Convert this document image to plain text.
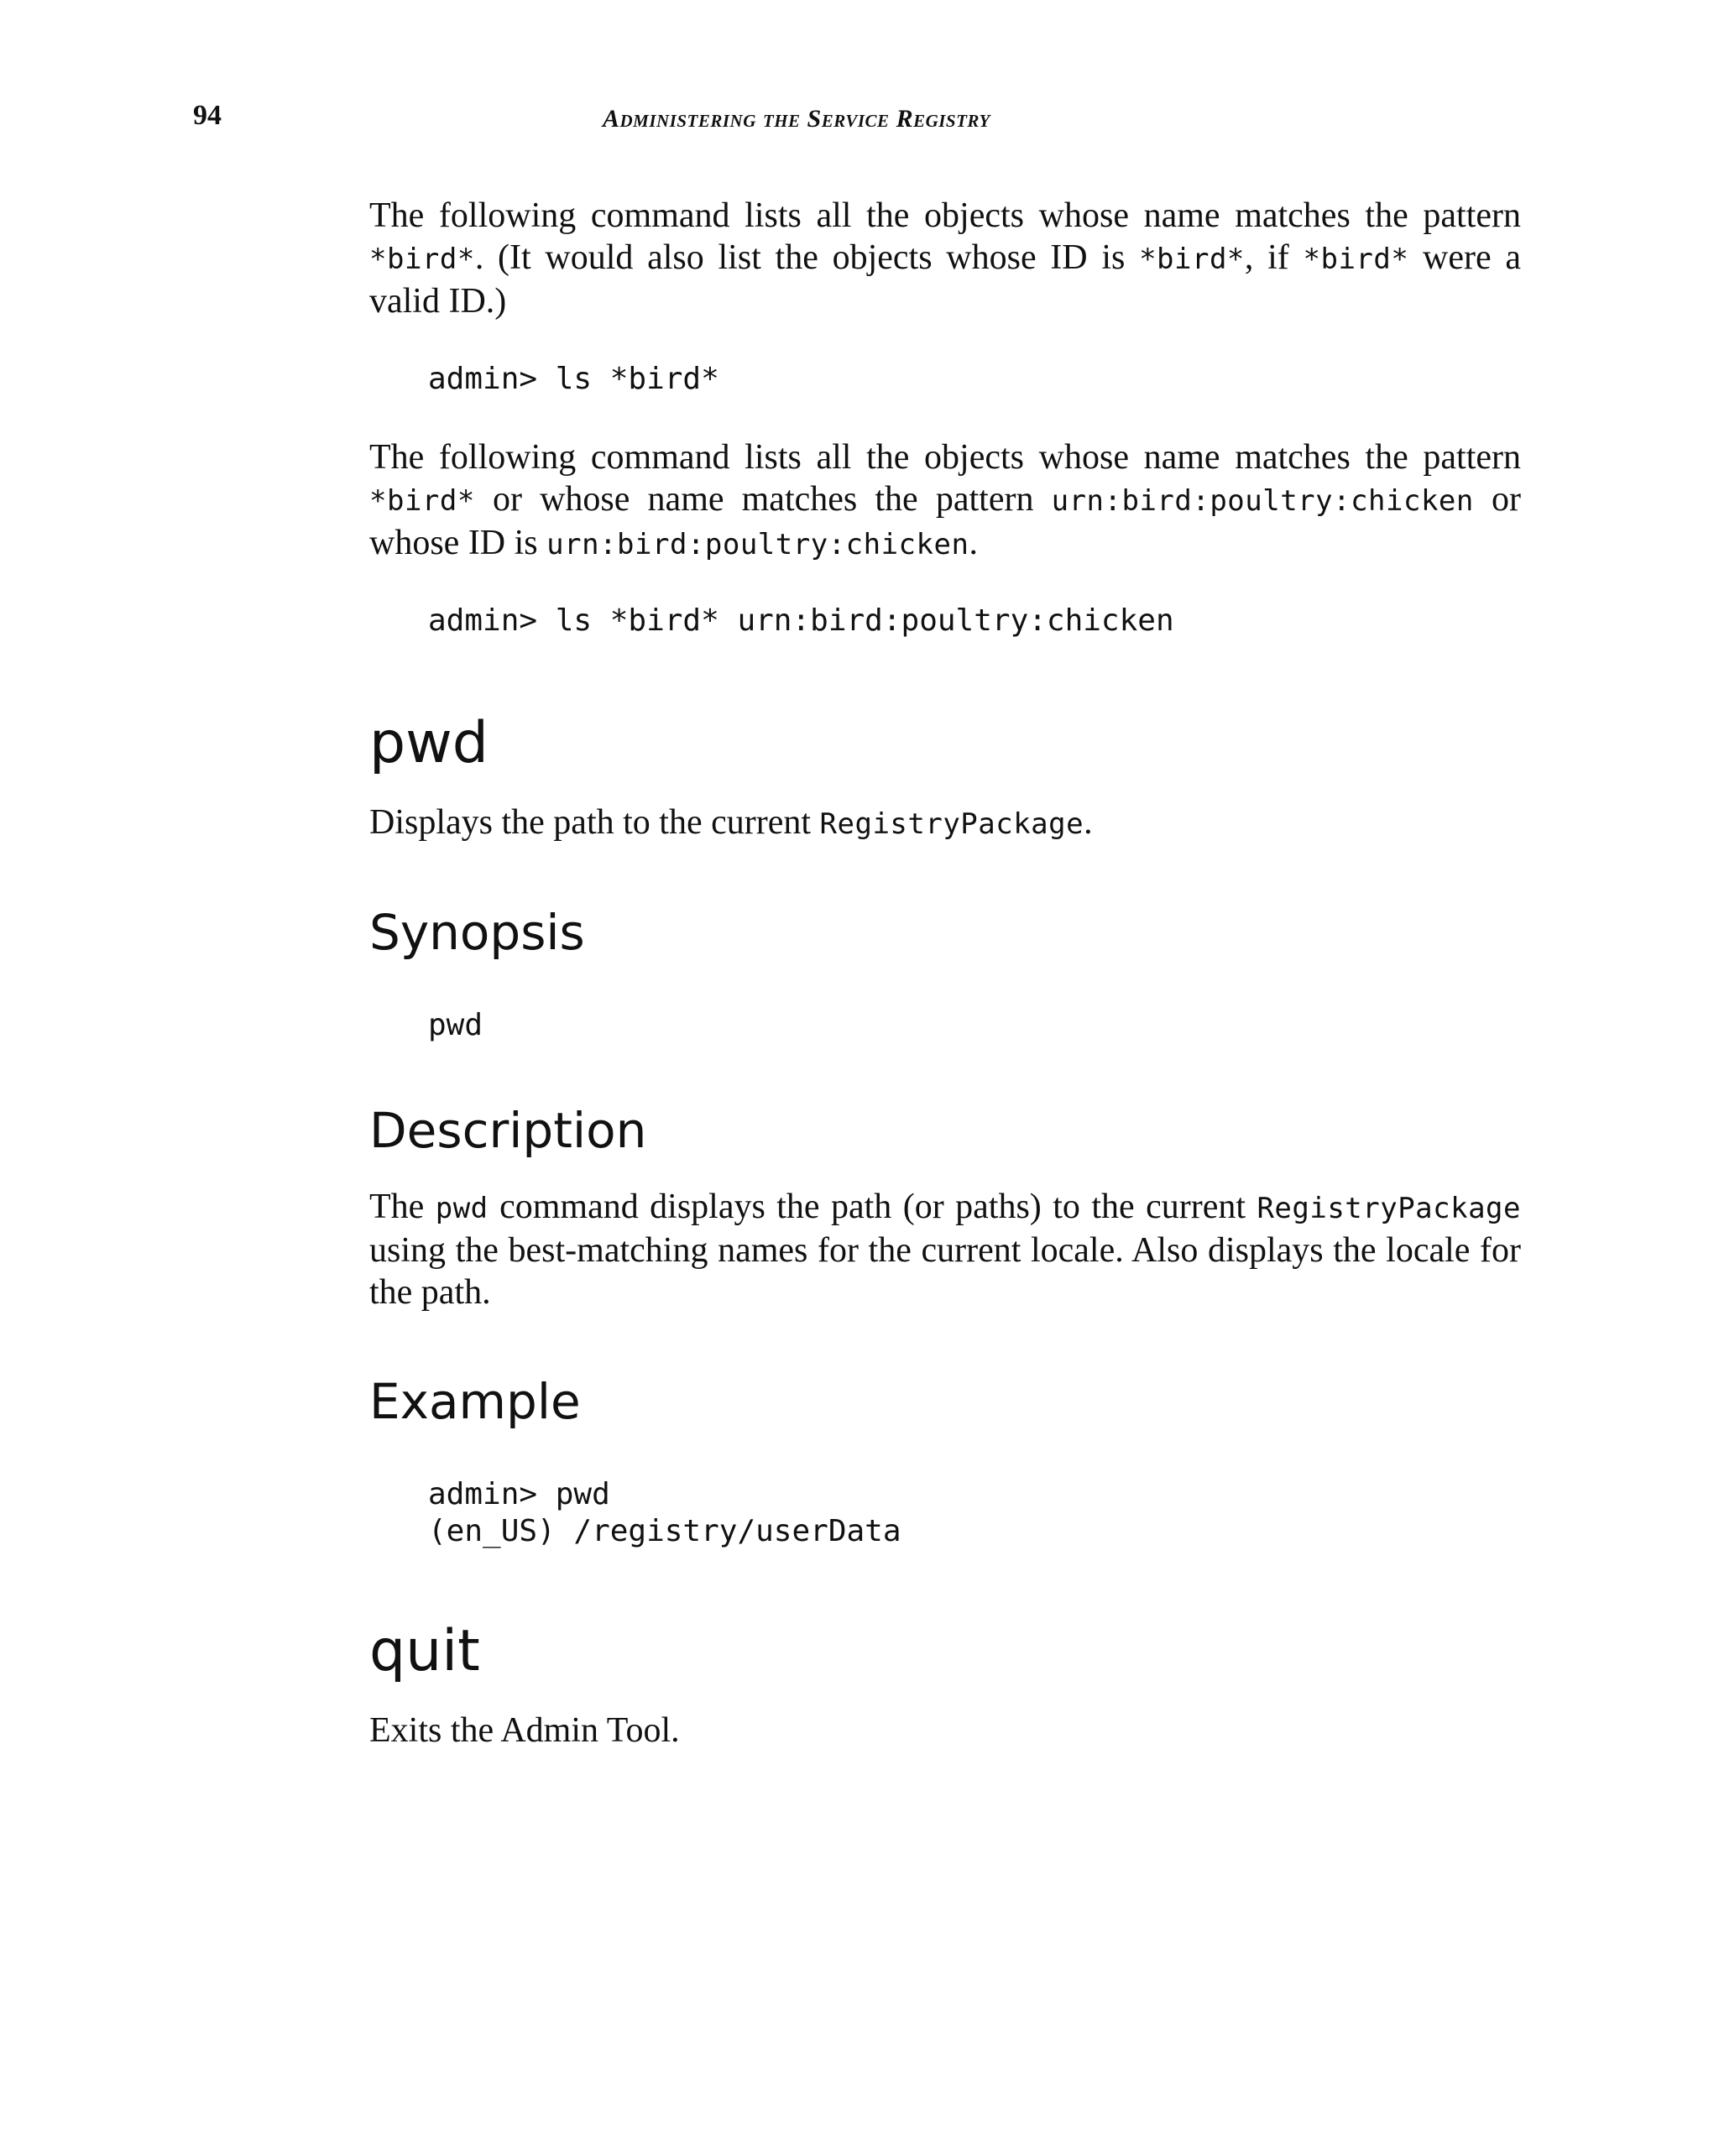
94	Administering the Service Registry

The following command lists all the objects whose name matches the pattern *bird*. (It would also list the objects whose ID is *bird*, if *bird* were a valid ID.)

admin> ls *bird*

The following command lists all the objects whose name matches the pattern *bird* or whose name matches the pattern urn:bird:poultry:chicken or whose ID is urn:bird:poultry:chicken.

admin> ls *bird* urn:bird:poultry:chicken
pwd

Displays the path to the current RegistryPackage.

Synopsis
pwd
Description

The pwd command displays the path (or paths) to the current RegistryPackage using the best-matching names for the current locale. Also displays the locale for the path.

Example
admin> pwd
(en_US) /registry/userData
quit

Exits the Admin Tool.
